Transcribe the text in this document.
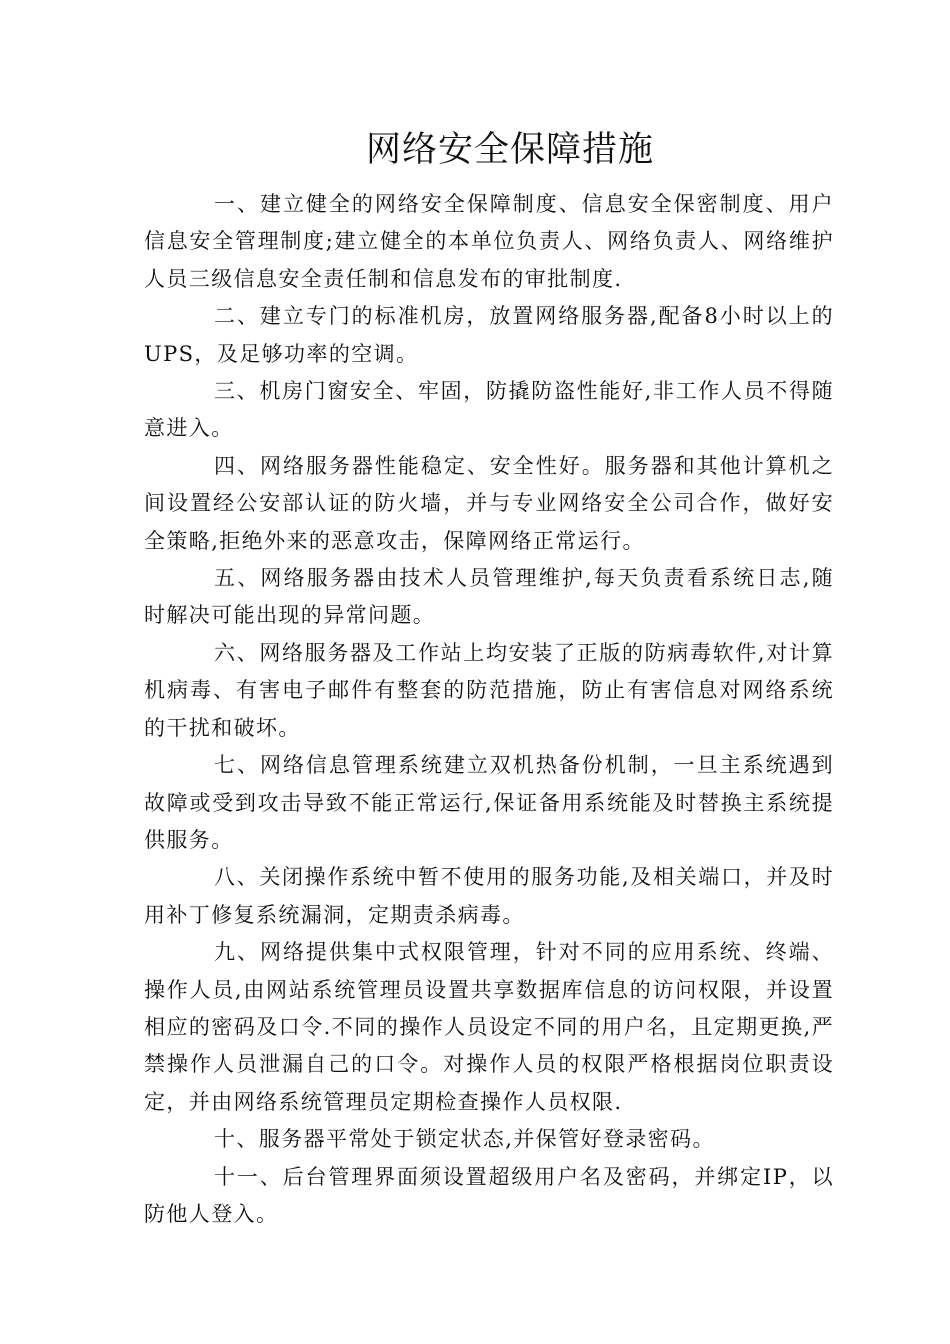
网络安全保障措施

一、建立健全的网络安全保障制度、信息安全保密制度、用户信息安全管理制度;建立健全的本单位负责人、网络负责人、网络维护人员三级信息安全责任制和信息发布的审批制度.

二、建立专门的标准机房，放置网络服务器,配备8小时以上的 UPS，及足够功率的空调。

三、机房门窗安全、牢固，防撬防盗性能好,非工作人员不得随意进入。

四、网络服务器性能稳定、安全性好。服务器和其他计算机之间设置经公安部认证的防火墙，并与专业网络安全公司合作，做好安全策略,拒绝外来的恶意攻击，保障网络正常运行。

五、网络服务器由技术人员管理维护,每天负责看系统日志,随时解决可能出现的异常问题。

六、网络服务器及工作站上均安装了正版的防病毒软件,对计算机病毒、有害电子邮件有整套的防范措施，防止有害信息对网络系统的干扰和破坏。

七、网络信息管理系统建立双机热备份机制，一旦主系统遇到故障或受到攻击导致不能正常运行,保证备用系统能及时替换主系统提供服务。

八、关闭操作系统中暂不使用的服务功能,及相关端口，并及时用补丁修复系统漏洞，定期责杀病毒。

九、网络提供集中式权限管理，针对不同的应用系统、终端、操作人员,由网站系统管理员设置共享数据库信息的访问权限，并设置相应的密码及口令.不同的操作人员设定不同的用户名，且定期更换,严禁操作人员泄漏自己的口令。对操作人员的权限严格根据岗位职责设定，并由网络系统管理员定期检查操作人员权限.

十、服务器平常处于锁定状态,并保管好登录密码。

十一、后台管理界面须设置超级用户名及密码，并绑定IP，以防他人登入。
